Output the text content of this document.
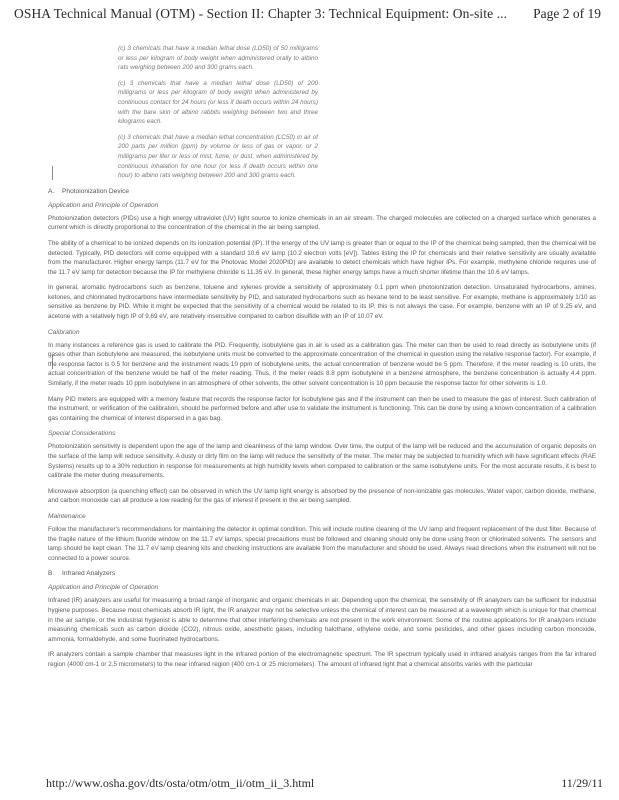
OSHA Technical Manual (OTM) - Section II: Chapter 3: Technical Equipment: On-site ... Page 2 of 19

(c) 3 chemicals that have a median lethal dose (LD50) of 50 milligrams or less per kilogram of body weight when administered orally to albino rats weighing between 200 and 300 grams each.

(c) 3 chemicals that have a median lethal dose (LD50) of 200 milligrams or less per kilogram of body weight when administered by continuous contact for 24 hours (or less if death occurs within 24 hours) with the bare skin of albino rabbits weighing between two and three kilograms each.

(c) 3 chemicals that have a median lethal concentration (LC50) in air of 200 parts per million (ppm) by volume or less of gas or vapor, or 2 milligrams per liter or less of mist, fume, or dust, when administered by continuous inhalation for one hour (or less if death occurs within one hour) to albino rats weighing between 200 and 300 grams each.

A. Photoionization Device
Application and Principle of Operation

Photoionization detectors (PIDs) use a high energy ultraviolet (UV) light source to ionize chemicals in an air stream. The charged molecules are collected on a charged surface which generates a current which is directly proportional to the concentration of the chemical in the air being sampled.

The ability of a chemical to be ionized depends on its ionization potential (IP). If the energy of the UV lamp is greater than or equal to the IP of the chemical being sampled, then the chemical will be detected. Typically, PID detectors will come equipped with a standard 10.6 eV lamp (10.2 electron volts [eV]). Tables listing the IP for chemicals and their relative sensitivity are usually available from the manufacturer. Higher energy lamps (11.7 eV for the Photovac Model 2020PID) are available to detect chemicals which have higher IPs. For example, methylene chloride requires use of the 11.7 eV lamp for detection because the IP for methylene chloride is 11.35 eV. In general, these higher energy lamps have a much shorter lifetime than the 10.6 eV lamps.

In general, aromatic hydrocarbons such as benzene, toluene and xylenes provide a sensitivity of approximately 0.1 ppm when photoionization detection. Unsaturated hydrocarbons, amines, ketones, and chlorinated hydrocarbons have intermediate sensitivity by PID, and saturated hydrocarbons such as hexane tend to be least sensitive. For example, methane is approximately 1/10 as sensitive as benzene by PID. While it might be expected that the sensitivity of a chemical would be related to its IP, this is not always the case. For example, benzene with an IP of 9.25 eV, and acetone with a relatively high IP of 9.69 eV, are relatively insensitive compared to carbon disulfide with an IP of 10.07 eV.

Calibration

In many instances a reference gas is used to calibrate the PID. Frequently, isobutylene gas in air is used as a calibration gas. The meter can then be used to read directly as isobutylene units (if gases other than isobutylene are measured, the isobutylene units must be converted to the approximate concentration of the chemical in question using the relative response factor). For example, if the response factor is 0.5 for benzene and the instrument reads 10 ppm of isobutylene units, the actual concentration of benzene would be 5 ppm. Therefore, if the meter reading is 10 units, the actual concentration of the benzene would be half of the meter reading. Thus, if the meter reads 8.8 ppm isobutylene in a benzene atmosphere, the benzene concentration is actually 4.4 ppm. Similarly, if the meter reads 10 ppm isobutylene in an atmosphere of other solvents, the other solvent concentration is 10 ppm because the response factor for other solvents is 1.0.

Many PID meters are equipped with a memory feature that records the response factor for isobutylene gas and if the instrument can then be used to measure the gas of interest. Such calibration of the instrument, or verification of the calibration, should be performed before and after use to validate the instrument is functioning. This can be done by using a known concentration of a calibration gas containing the chemical of interest dispersed in a gas bag.

Special Considerations

Photoionization sensitivity is dependent upon the age of the lamp and cleanliness of the lamp window. Over time, the output of the lamp will be reduced and the accumulation of organic deposits on the surface of the lamp will reduce sensitivity. A dusty or dirty film on the lamp will reduce the sensitivity of the meter. The meter may be subjected to humidity which will have significant effects (RAE Systems) results up to a 30% reduction in response for measurements at high humidity levels when compared to calibration or the same isobutylene units. For the most accurate results, it is best to calibrate the meter during measurements.

Microwave absorption (a quenching effect) can be observed in which the UV lamp light energy is absorbed by the presence of non-ionizable gas molecules. Water vapor, carbon dioxide, methane, and carbon monoxide can all produce a low reading for the gas of interest if present in the air being sampled.

Maintenance

Follow the manufacturer's recommendations for maintaining the detector in optimal condition. This will include routine cleaning of the UV lamp and frequent replacement of the dust filter. Because of the fragile nature of the lithium fluoride window on the 11.7 eV lamps, special precautions must be followed and cleaning should only be done using freon or chlorinated solvents. The sensors and lamp should be kept clean. The 11.7 eV lamp cleaning kits and checking instructions are available from the manufacturer and should be used. Always read directions when the instrument will not be connected to a power source.

B. Infrared Analyzers
Application and Principle of Operation

Infrared (IR) analyzers are useful for measuring a broad range of inorganic and organic chemicals in air. Depending upon the chemical, the sensitivity of IR analyzers can be sufficient for industrial hygiene purposes. Because most chemicals absorb IR light, the IR analyzer may not be selective unless the chemical of interest can be measured at a wavelength which is unique for that chemical in the air sample, or the industrial hygienist is able to determine that other interfering chemicals are not present in the work environment. Some of the routine applications for IR analyzers include measuring chemicals such as carbon dioxide (CO2), nitrous oxide, anesthetic gases, including halothane, ethylene oxide, and some pesticides, and other gases including carbon monoxide, ammonia, formaldehyde, and some fluorinated hydrocarbons.

IR analyzers contain a sample chamber that measures light in the infrared portion of the electromagnetic spectrum. The IR spectrum typically used in infrared analysis ranges from the far infrared region (4000 cm-1 or 2.5 micrometers) to the near infrared region (400 cm-1 or 25 micrometers). The amount of infrared light that a chemical absorbs varies with the particular

http://www.osha.gov/dts/osta/otm/otm_ii/otm_ii_3.html	11/29/11
